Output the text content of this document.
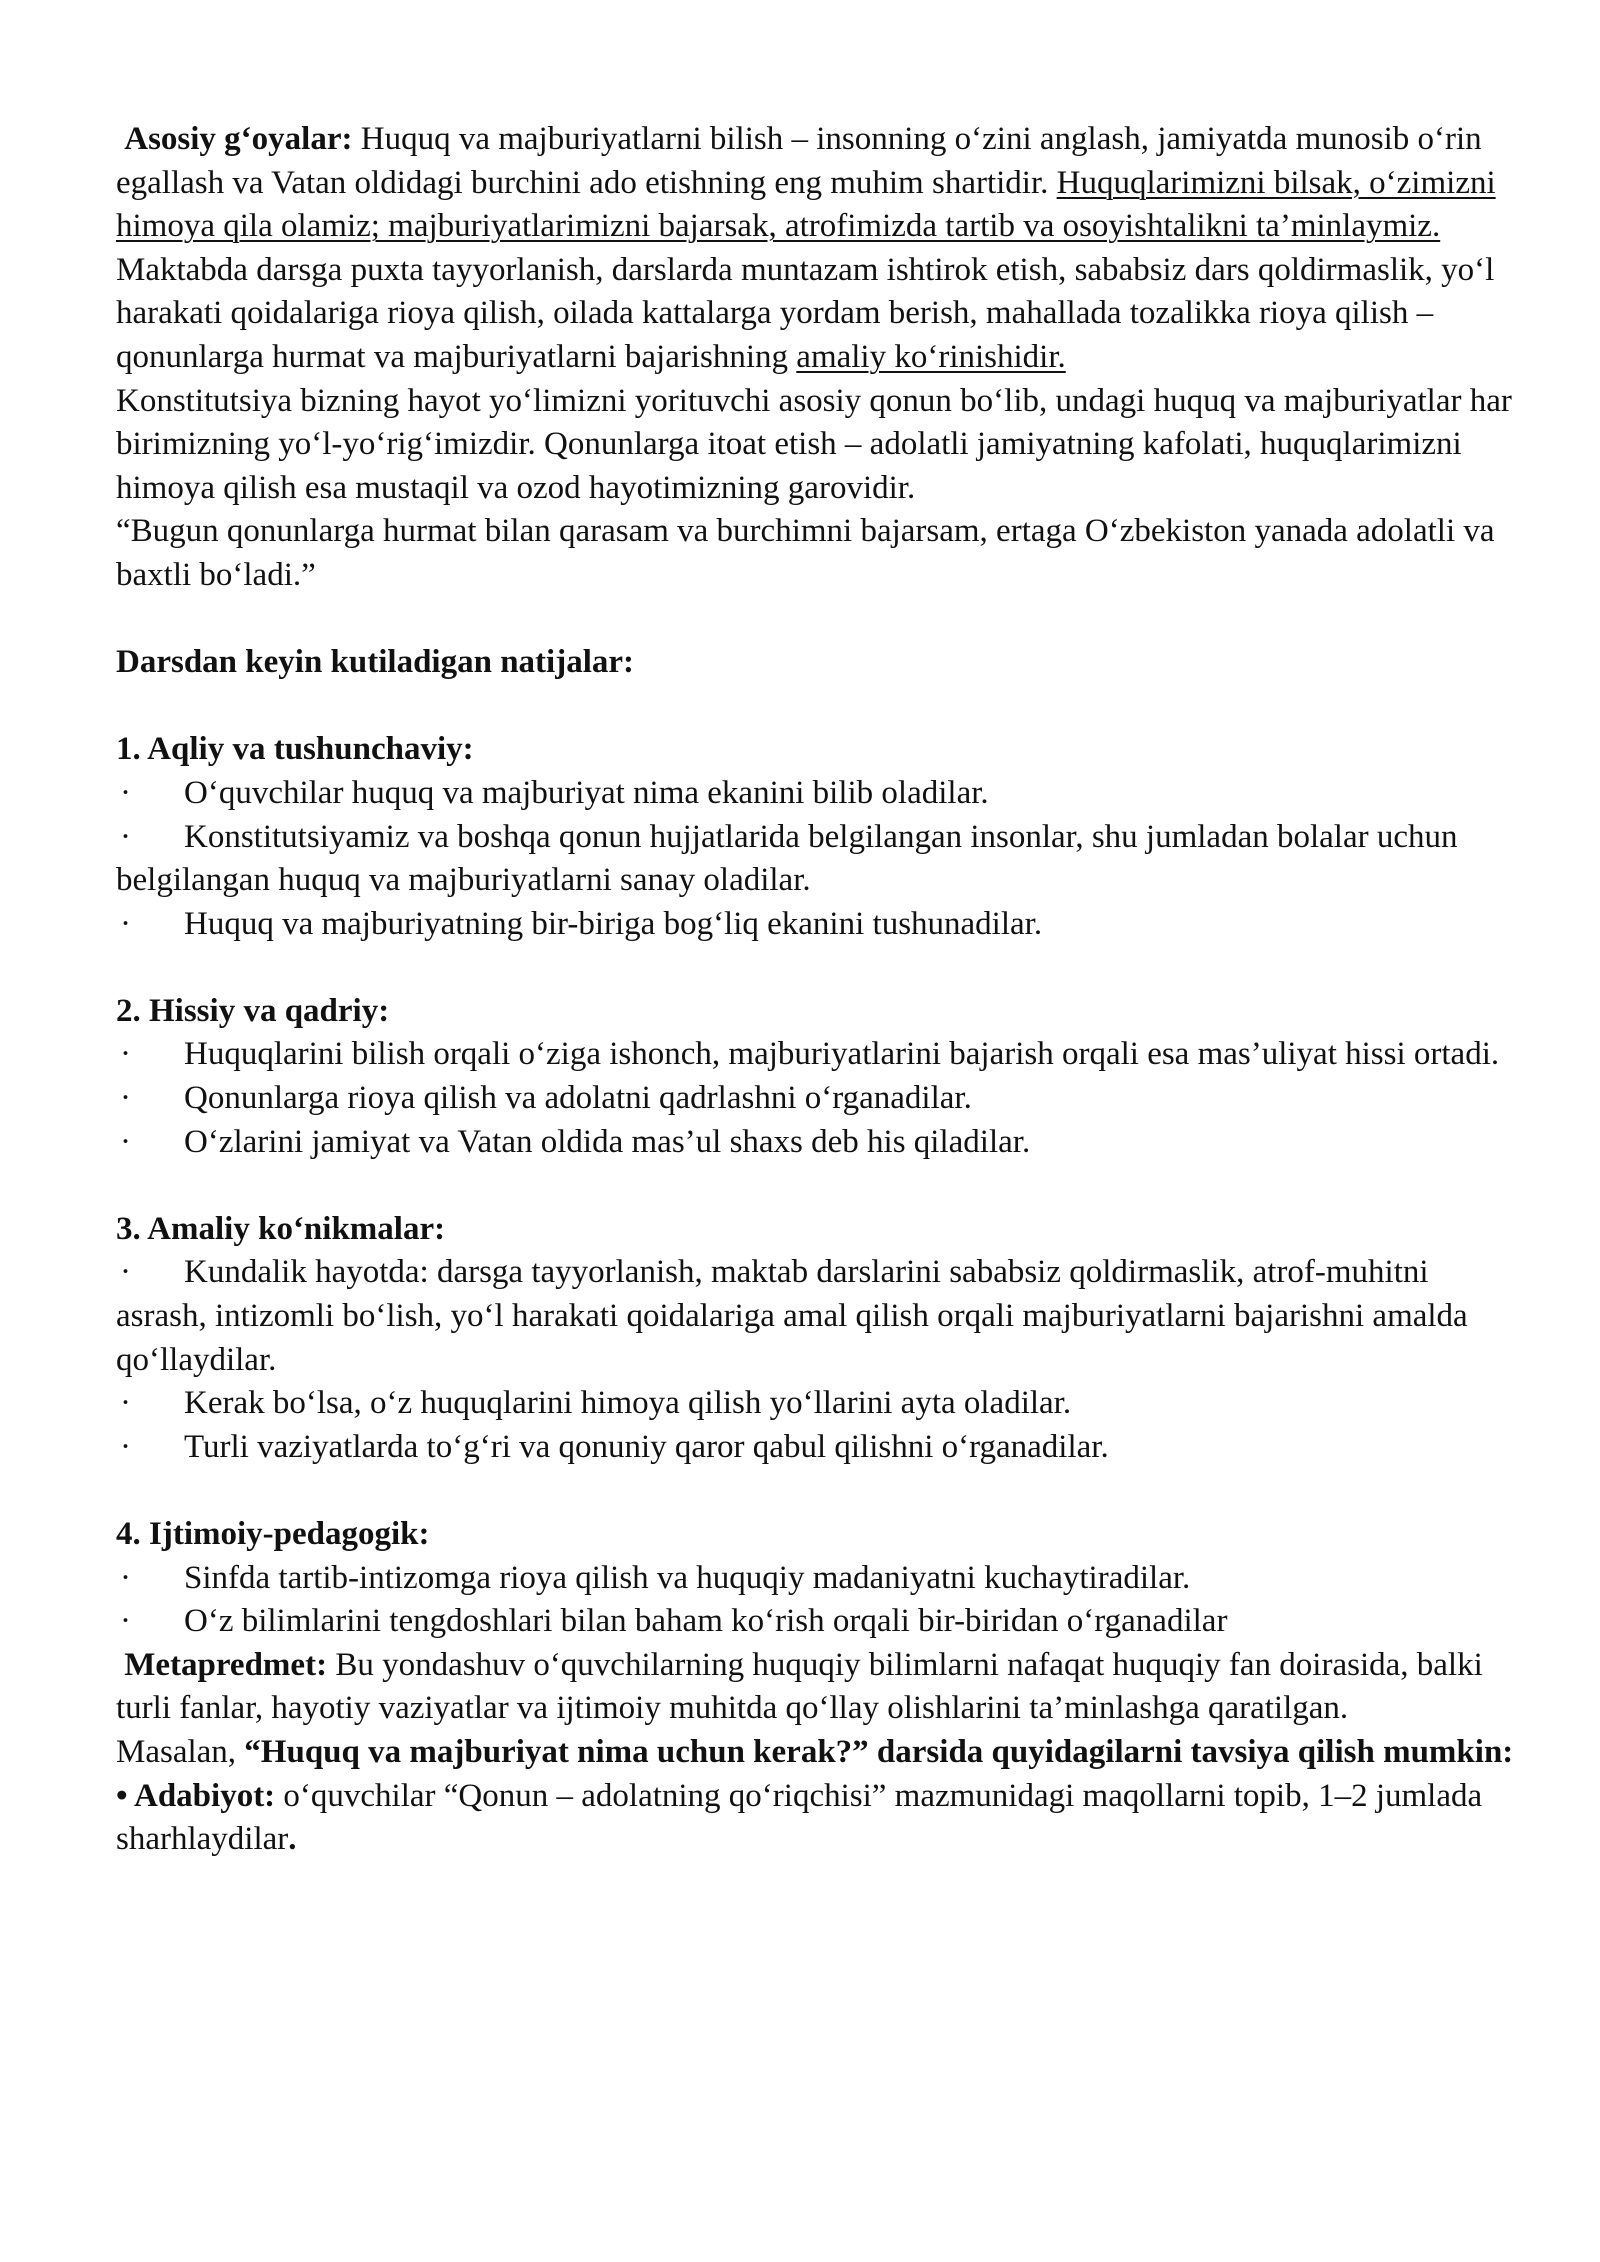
Asosiy g‘oyalar: Huquq va majburiyatlarni bilish – insonning o‘zini anglash, jamiyatda munosib o‘rin egallash va Vatan oldidagi burchini ado etishning eng muhim shartidir. Huquqlarimizni bilsak, o‘zimizni himoya qila olamiz; majburiyatlarimizni bajarsak, atrofimizda tartib va osoyishtalikni ta’minlaymiz. Maktabda darsga puxta tayyorlanish, darslarda muntazam ishtirok etish, sababsiz dars qoldirmaslik, yo‘l harakati qoidalariga rioya qilish, oilada kattalarga yordam berish, mahallada tozalikka rioya qilish – qonunlarga hurmat va majburiyatlarni bajarishning amaliy ko‘rinishidir.

Konstitutsiya bizning hayot yo‘limizni yorituvchi asosiy qonun bo‘lib, undagi huquq va majburiyatlar har birimizning yo‘l-yo‘rig‘imizdir. Qonunlarga itoat etish – adolatli jamiyatning kafolati, huquqlarimizni himoya qilish esa mustaqil va ozod hayotimizning garovidir.

“Bugun qonunlarga hurmat bilan qarasam va burchimni bajarsam, ertaga O‘zbekiston yanada adolatli va baxtli bo‘ladi.”

Darsdan keyin kutiladigan natijalar:

1. Aqliy va tushunchaviy:

· O‘quvchilar huquq va majburiyat nima ekanini bilib oladilar.

· Konstitutsiyamiz va boshqa qonun hujjatlarida belgilangan insonlar, shu jumladan bolalar uchun belgilangan huquq va majburiyatlarni sanay oladilar.

· Huquq va majburiyatning bir-biriga bog‘liq ekanini tushunadilar.

2. Hissiy va qadriy:

· Huquqlarini bilish orqali o‘ziga ishonch, majburiyatlarini bajarish orqali esa mas’uliyat hissi ortadi.

· Qonunlarga rioya qilish va adolatni qadrlashni o‘rganadilar.

· O‘zlarini jamiyat va Vatan oldida mas’ul shaxs deb his qiladilar.

3. Amaliy ko‘nikmalar:

· Kundalik hayotda: darsga tayyorlanish, maktab darslarini sababsiz qoldirmaslik, atrof-muhitni asrash, intizomli bo‘lish, yo‘l harakati qoidalariga amal qilish orqali majburiyatlarni bajarishni amalda qo‘llaydilar.

· Kerak bo‘lsa, o‘z huquqlarini himoya qilish yo‘llarini ayta oladilar.

· Turli vaziyatlarda to‘g‘ri va qonuniy qaror qabul qilishni o‘rganadilar.

4. Ijtimoiy-pedagogik:

· Sinfda tartib-intizomga rioya qilish va huquqiy madaniyatni kuchaytiradilar.

· O‘z bilimlarini tengdoshlari bilan baham ko‘rish orqali bir-biridan o‘rganadilar

Metapredmet: Bu yondashuv o‘quvchilarning huquqiy bilimlarni nafaqat huquqiy fan doirasida, balki turli fanlar, hayotiy vaziyatlar va ijtimoiy muhitda qo‘llay olishlarini ta’minlashga qaratilgan.

Masalan, “Huquq va majburiyat nima uchun kerak?” darsida quyidagilarni tavsiya qilish mumkin:

• Adabiyot: o‘quvchilar “Qonun – adolatning qo‘riqchisi” mazmunidagi maqollarni topib, 1–2 jumlada sharhlaydilar.
